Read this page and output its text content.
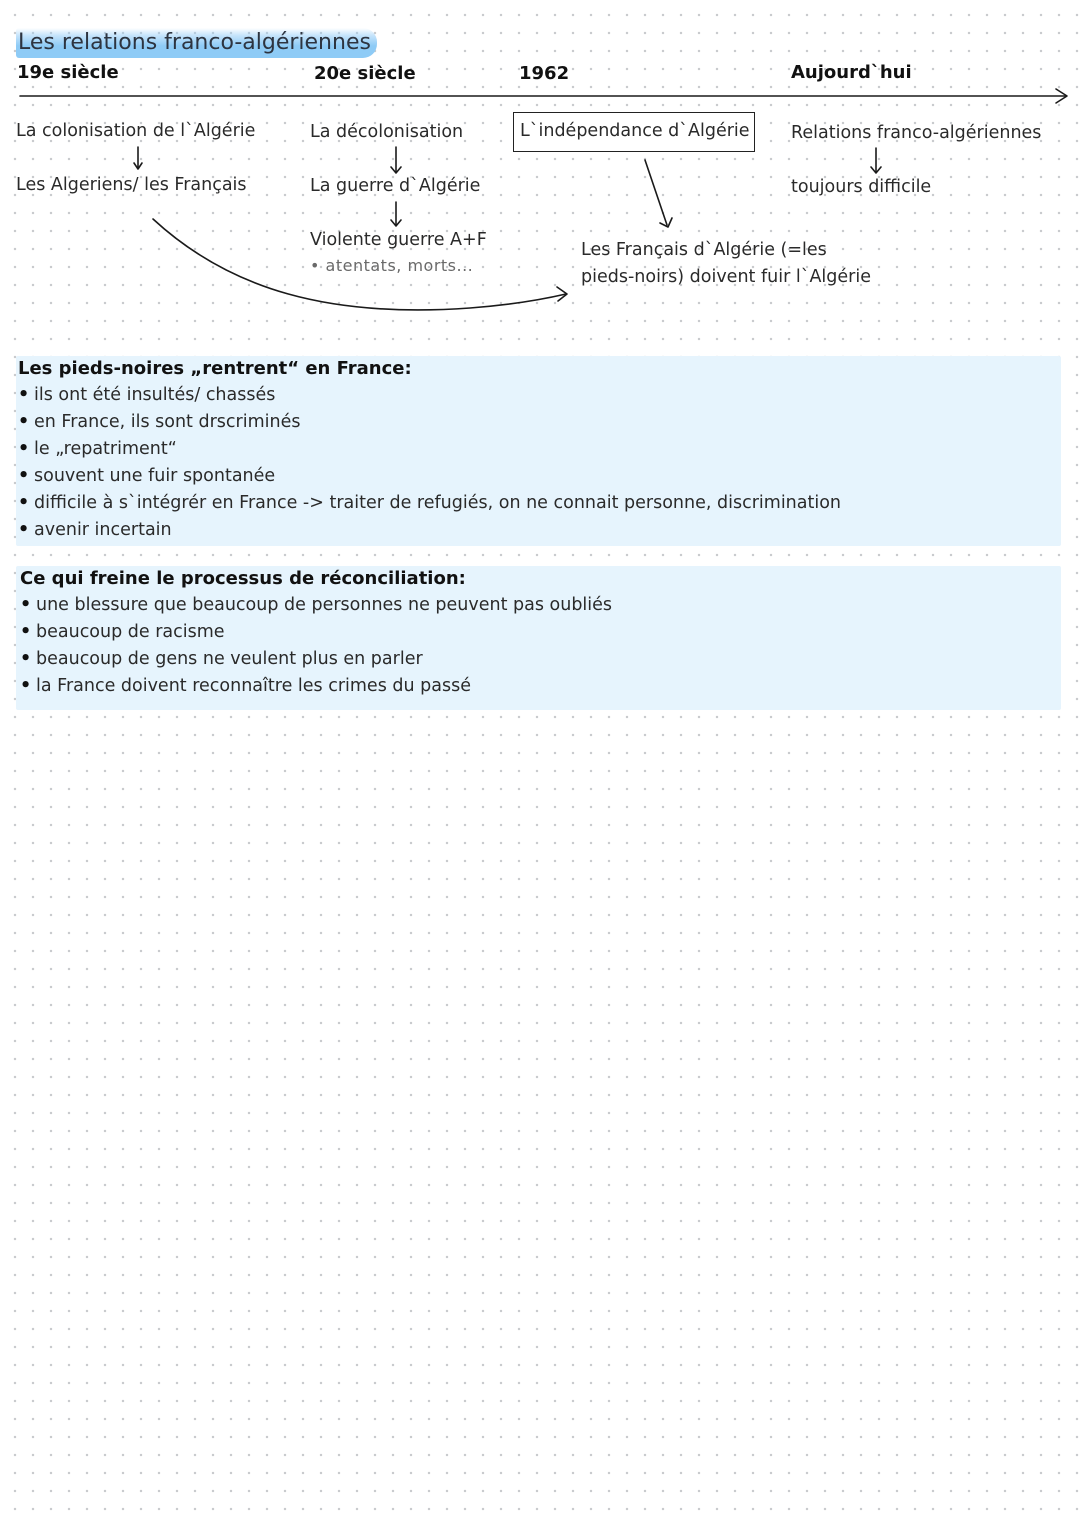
Les relations franco-algériennes
19e siècle	20e siècle	1962	Aujourd`hui
La colonisation de l`Algérie
Les Algeriens/ les Français
La décolonisation
La guerre d`Algérie
Violente guerre A+F
• atentats, morts...
L`indépendance d`Algérie
Les Français d`Algérie (=les
pieds-noirs) doivent fuir l`Algérie
Relations franco-algériennes
toujours difficile
Les pieds-noires „rentrent“ en France:
• ils ont été insultés/ chassés
• en France, ils sont drscriminés
• le „repatriment“
• souvent une fuir spontanée
• difficile à s`intégrér en France -> traiter de refugiés, on ne connait personne, discrimination
• avenir incertain
Ce qui freine le processus de réconciliation:
• une blessure que beaucoup de personnes ne peuvent pas oubliés
• beaucoup de racisme
• beaucoup de gens ne veulent plus en parler
• la France doivent reconnaître les crimes du passé
